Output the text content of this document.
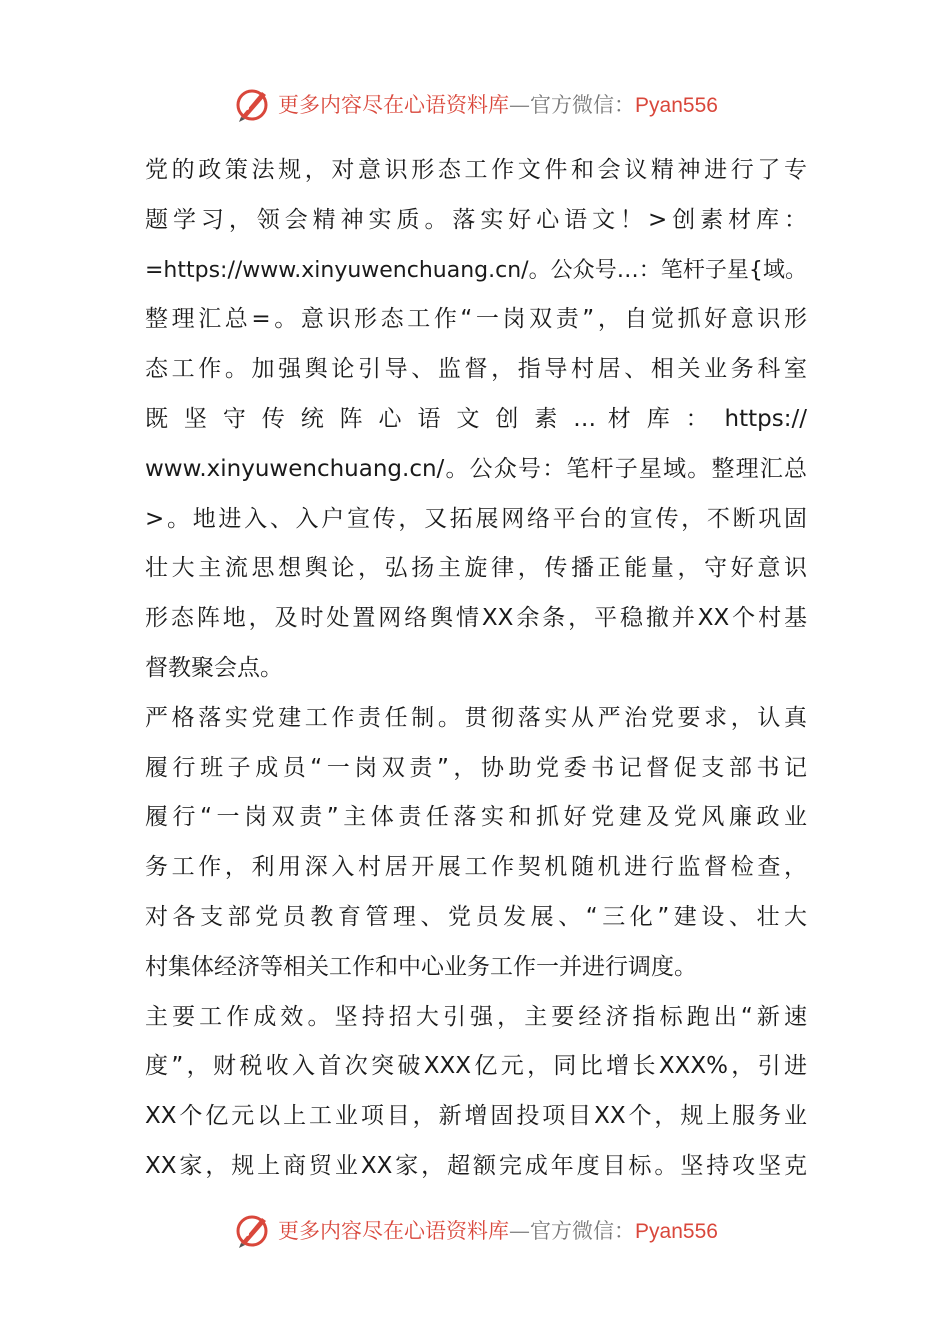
更多内容尽在心语资料库—官方微信：Pyan556
党的政策法规，对意识形态工作文件和会议精神进行了专
题学习，领会精神实质。落实好心语文！>创素材库：
=https://www.xinyuwenchuang.cn/。公众号…：笔杆子星{域。
整理汇总=。意识形态工作“一岗双责”，自觉抓好意识形
态工作。加强舆论引导、监督，指导村居、相关业务科室
既 坚 守 传 统 阵 心 语 文 创 素 … 材 库 ： https://
www.xinyuwenchuang.cn/。公众号：笔杆子星域。整理汇总
>。地进入、入户宣传，又拓展网络平台的宣传，不断巩固
壮大主流思想舆论，弘扬主旋律，传播正能量，守好意识
形态阵地，及时处置网络舆情XX余条，平稳撤并XX个村基
督教聚会点。
严格落实党建工作责任制。贯彻落实从严治党要求，认真
履行班子成员“一岗双责”，协助党委书记督促支部书记
履行“一岗双责”主体责任落实和抓好党建及党风廉政业
务工作，利用深入村居开展工作契机随机进行监督检查，
对各支部党员教育管理、党员发展、“三化”建设、壮大
村集体经济等相关工作和中心业务工作一并进行调度。
主要工作成效。坚持招大引强，主要经济指标跑出“新速
度”，财税收入首次突破XXX亿元，同比增长XXX%，引进
XX个亿元以上工业项目，新增固投项目XX个，规上服务业
XX家，规上商贸业XX家，超额完成年度目标。坚持攻坚克
更多内容尽在心语资料库—官方微信：Pyan556
